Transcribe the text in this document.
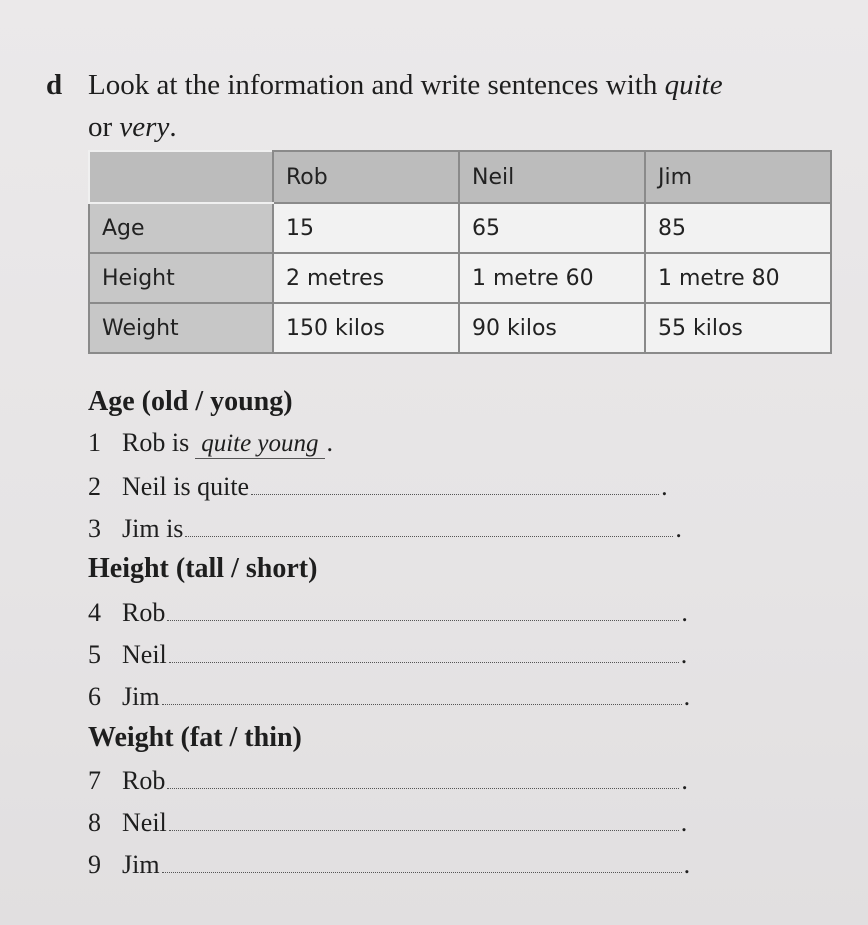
d Look at the information and write sentences with quite
or very.
	Rob	Neil	Jim
Age	15	65	85
Height	2 metres	1 metre 60	1 metre 80
Weight	150 kilos	90 kilos	55 kilos
Age (old / young)
1 Rob is quite young .
2 Neil is quite	.
3 Jim is	.
Height (tall / short)
4 Rob	.
5 Neil	.
6 Jim	.
Weight (fat / thin)
7 Rob	.
8 Neil	.
9 Jim	.
